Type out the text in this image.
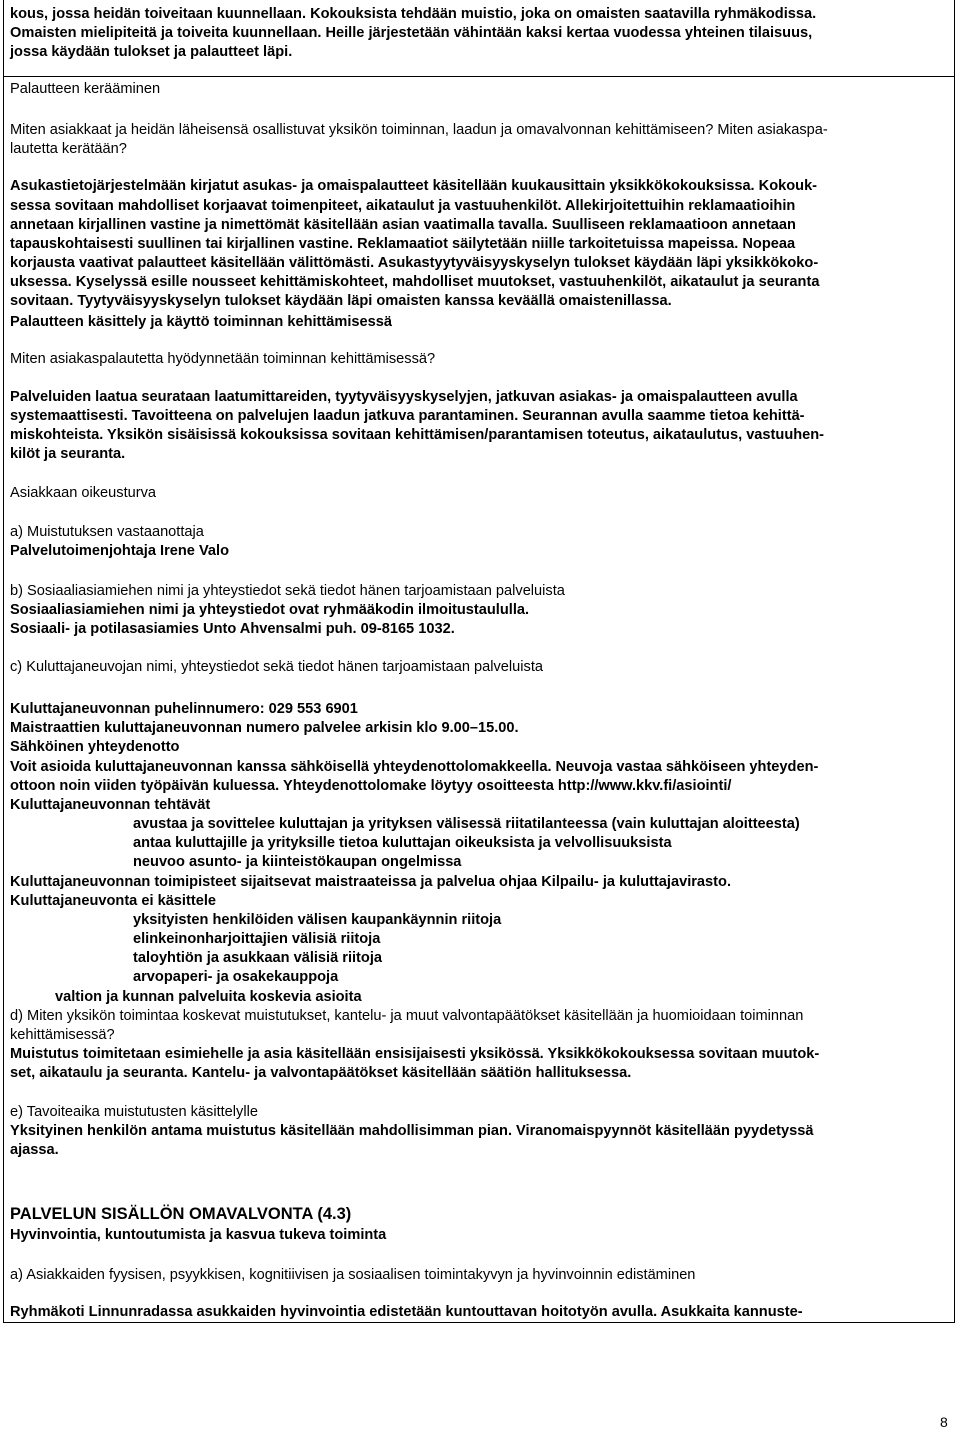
kous, jossa heidän toiveitaan kuunnellaan. Kokouksista tehdään muistio, joka on omaisten saatavilla ryhmäkodissa.
Omaisten mielipiteitä ja toiveita kuunnellaan. Heille järjestetään vähintään kaksi kertaa vuodessa yhteinen tilaisuus,
jossa käydään tulokset ja palautteet läpi.
Palautteen kerääminen
Miten asiakkaat ja heidän läheisensä osallistuvat yksikön toiminnan, laadun ja omavalvonnan kehittämiseen? Miten asiakaspa-
lautetta kerätään?
Asukastietojärjestelmään kirjatut asukas- ja omaispalautteet käsitellään kuukausittain yksikkökokouksissa. Kokouk-
sessa sovitaan mahdolliset korjaavat toimenpiteet, aikataulut ja vastuuhenkilöt. Allekirjoitettuihin reklamaatioihin
annetaan kirjallinen vastine ja nimettömät käsitellään asian vaatimalla tavalla. Suulliseen reklamaatioon annetaan
tapauskohtaisesti suullinen tai kirjallinen vastine. Reklamaatiot säilytetään niille tarkoitetuissa mapeissa. Nopeaa
korjausta vaativat palautteet käsitellään välittömästi. Asukastyytyväisyyskyselyn tulokset käydään läpi yksikkökoko-
uksessa. Kyselyssä esille nousseet kehittämiskohteet, mahdolliset muutokset, vastuuhenkilöt, aikataulut ja seuranta
sovitaan. Tyytyväisyyskyselyn tulokset käydään läpi omaisten kanssa keväällä omaistenillassa.
Palautteen käsittely ja käyttö toiminnan kehittämisessä
Miten asiakaspalautetta hyödynnetään toiminnan kehittämisessä?
Palveluiden laatua seurataan laatumittareiden, tyytyväisyyskyselyjen, jatkuvan asiakas- ja omaispalautteen avulla
systemaattisesti. Tavoitteena on palvelujen laadun jatkuva parantaminen. Seurannan avulla saamme tietoa kehittä-
miskohteista. Yksikön sisäisissä kokouksissa sovitaan kehittämisen/parantamisen toteutus, aikataulutus, vastuuhen-
kilöt ja seuranta.
Asiakkaan oikeusturva
a) Muistutuksen vastaanottaja
Palvelutoimenjohtaja Irene Valo
b) Sosiaaliasiamiehen nimi ja yhteystiedot sekä tiedot hänen tarjoamistaan palveluista
Sosiaaliasiamiehen nimi ja yhteystiedot ovat ryhmääkodin ilmoitustaululla.
Sosiaali- ja potilasasiamies Unto Ahvensalmi puh. 09-8165 1032.
c) Kuluttajaneuvojan nimi, yhteystiedot sekä tiedot hänen tarjoamistaan palveluista
Kuluttajaneuvonnan puhelinnumero: 029 553 6901
Maistraattien kuluttajaneuvonnan numero palvelee arkisin klo 9.00–15.00.
Sähköinen yhteydenotto
Voit asioida kuluttajaneuvonnan kanssa sähköisellä yhteydenottolomakkeella. Neuvoja vastaa sähköiseen yhteyden-
ottoon noin viiden työpäivän kuluessa. Yhteydenottolomake löytyy osoitteesta http://www.kkv.fi/asiointi/
Kuluttajaneuvonnan tehtävät
avustaa ja sovittelee kuluttajan ja yrityksen välisessä riitatilanteessa (vain kuluttajan aloitteesta)
antaa kuluttajille ja yrityksille tietoa kuluttajan oikeuksista ja velvollisuuksista
neuvoo asunto- ja kiinteistökaupan ongelmissa
Kuluttajaneuvonnan toimipisteet sijaitsevat maistraateissa ja palvelua ohjaa Kilpailu- ja kuluttajavirasto.
Kuluttajaneuvonta ei käsittele
yksityisten henkilöiden välisen kaupankäynnin riitoja
elinkeinonharjoittajien välisiä riitoja
taloyhtiön ja asukkaan välisiä riitoja
arvopaperi- ja osakekauppoja
valtion ja kunnan palveluita koskevia asioita
d) Miten yksikön toimintaa koskevat muistutukset, kantelu- ja muut valvontapäätökset käsitellään ja huomioidaan toiminnan
kehittämisessä?
Muistutus toimitetaan esimiehelle ja asia käsitellään ensisijaisesti yksikössä. Yksikkökokouksessa sovitaan muutok-
set, aikataulu ja seuranta. Kantelu- ja valvontapäätökset käsitellään säätiön hallituksessa.
e) Tavoiteaika muistutusten käsittelylle
Yksityinen henkilön antama muistutus käsitellään mahdollisimman pian. Viranomaispyynnöt käsitellään pyydetyssä
ajassa.
PALVELUN SISÄLLÖN OMAVALVONTA (4.3)
Hyvinvointia, kuntoutumista ja kasvua tukeva toiminta
a) Asiakkaiden fyysisen, psyykkisen, kognitiivisen ja sosiaalisen toimintakyvyn ja hyvinvoinnin edistäminen
Ryhmäkoti Linnunradassa asukkaiden hyvinvointia edistetään kuntouttavan hoitotyön avulla. Asukkaita kannuste-
8
